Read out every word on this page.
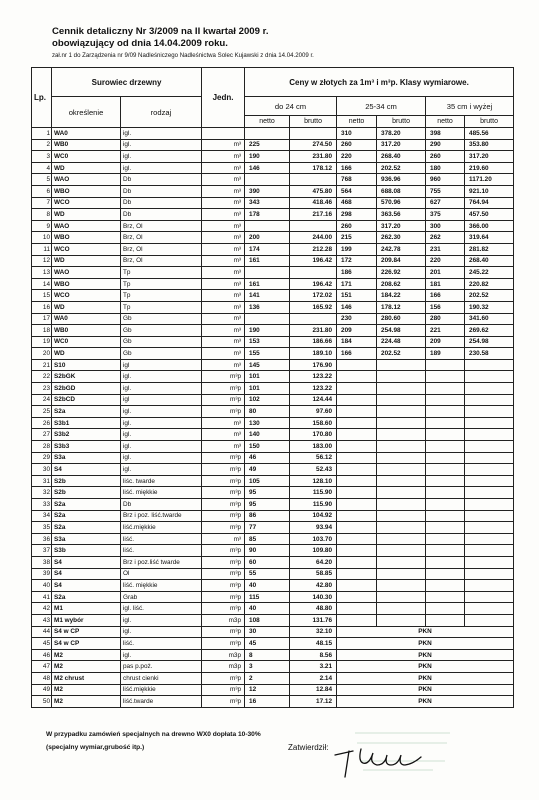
Cennik detaliczny Nr 3/2009 na II kwartał 2009 r.
obowiązujący od dnia 14.04.2009 roku.
zał.nr 1 do Zarządzenia nr 9/09 Nadleśniczego Nadleśnictwa Solec Kujawski z dnia 14.04.2009 r.
Lp.	Surowiec drzewny		Jedn.	Ceny w złotych za 1m³ i m³p. Klasy wymiarowe.					
	określenie	rodzaj		do 24 cm		25-34 cm		35 cm i wyżej	
				netto	brutto	netto	brutto	netto	brutto
1	WA0	igl.				310	378.20	398	485.56
2	WB0	igl.	m³	225	274.50	260	317.20	290	353.80
3	WC0	igl.	m³	190	231.80	220	268.40	260	317.20
4	WD	igl.	m³	146	178.12	166	202.52	180	219.60
5	WAO	Db	m³			768	936.96	960	1171.20
6	WBO	Db	m³	390	475.80	564	688.08	755	921.10
7	WCO	Db	m³	343	418.46	468	570.96	627	764.94
8	WD	Db	m³	178	217.16	298	363.56	375	457.50
9	WAO	Brz, Ol	m³			260	317.20	300	366.00
10	WBO	Brz, Ol	m³	200	244.00	215	262.30	262	319.64
11	WCO	Brz, Ol	m³	174	212.28	199	242.78	231	281.82
12	WD	Brz, Ol	m³	161	196.42	172	209.84	220	268.40
13	WAO	Tp	m³			186	226.92	201	245.22
14	WBO	Tp	m³	161	196.42	171	208.62	181	220.82
15	WCO	Tp	m³	141	172.02	151	184.22	166	202.52
16	WD	Tp	m³	136	165.92	146	178.12	156	190.32
17	WA0	Gb	m³			230	280.60	280	341.60
18	WB0	Gb	m³	190	231.80	209	254.98	221	269.62
19	WC0	Gb	m³	153	186.66	184	224.48	209	254.98
20	WD	Gb	m³	155	189.10	166	202.52	189	230.58
21	S10	igl	m³	145	176.90				
22	S2bGK	igl.	m³p	101	123.22				
23	S2bGD	igl.	m³p	101	123.22				
24	S2bCD	igl	m³p	102	124.44				
25	S2a	igl.	m³p	80	97.60				
26	S3b1	igl.	m³	130	158.60				
27	S3b2	igl.	m³	140	170.80				
28	S3b3	igl.	m³	150	183.00				
29	S3a	igl.	m³p	46	56.12				
30	S4	igl.	m³p	49	52.43				
31	S2b	liśc. twarde	m³p	105	128.10				
32	S2b	liść. miękkie	m³p	95	115.90				
33	S2a	Db	m³p	95	115.90				
34	S2a	Brz i poz. liść.twarde	m³p	86	104.92				
35	S2a	liść.miękkie	m³p	77	93.94				
36	S3a	liść.	m³	85	103.70				
37	S3b	liść.	m³p	90	109.80				
38	S4	Brz i poz.liść twarde	m³p	60	64.20				
39	S4	Ol	m³p	55	58.85				
40	S4	liść. miękkie	m³p	40	42.80				
41	S2a	Grab	m³p	115	140.30				
42	M1	igl. liść.	m³p	40	48.80				
43	M1 wybór	igl.	m3p	108	131.76				
44	S4 w CP	igl.	m³p	30	32.10	PKN			
45	S4 w CP	liść.	m³p	45	48.15	PKN			
46	M2	igl.	m3p	8	8.56	PKN			
47	M2	pas p.poż.	m3p	3	3.21	PKN			
48	M2 chrust	chrust cienki	m³p	2	2.14	PKN			
49	M2	liść.miękkie	m³p	12	12.84	PKN			
50	M2	liść.twarde	m³p	16	17.12	PKN			
W przypadku zamówień specjalnych na drewno WX0 dopłata 10-30%
(specjalny wymiar,grubość itp.)	Zatwierdził:
